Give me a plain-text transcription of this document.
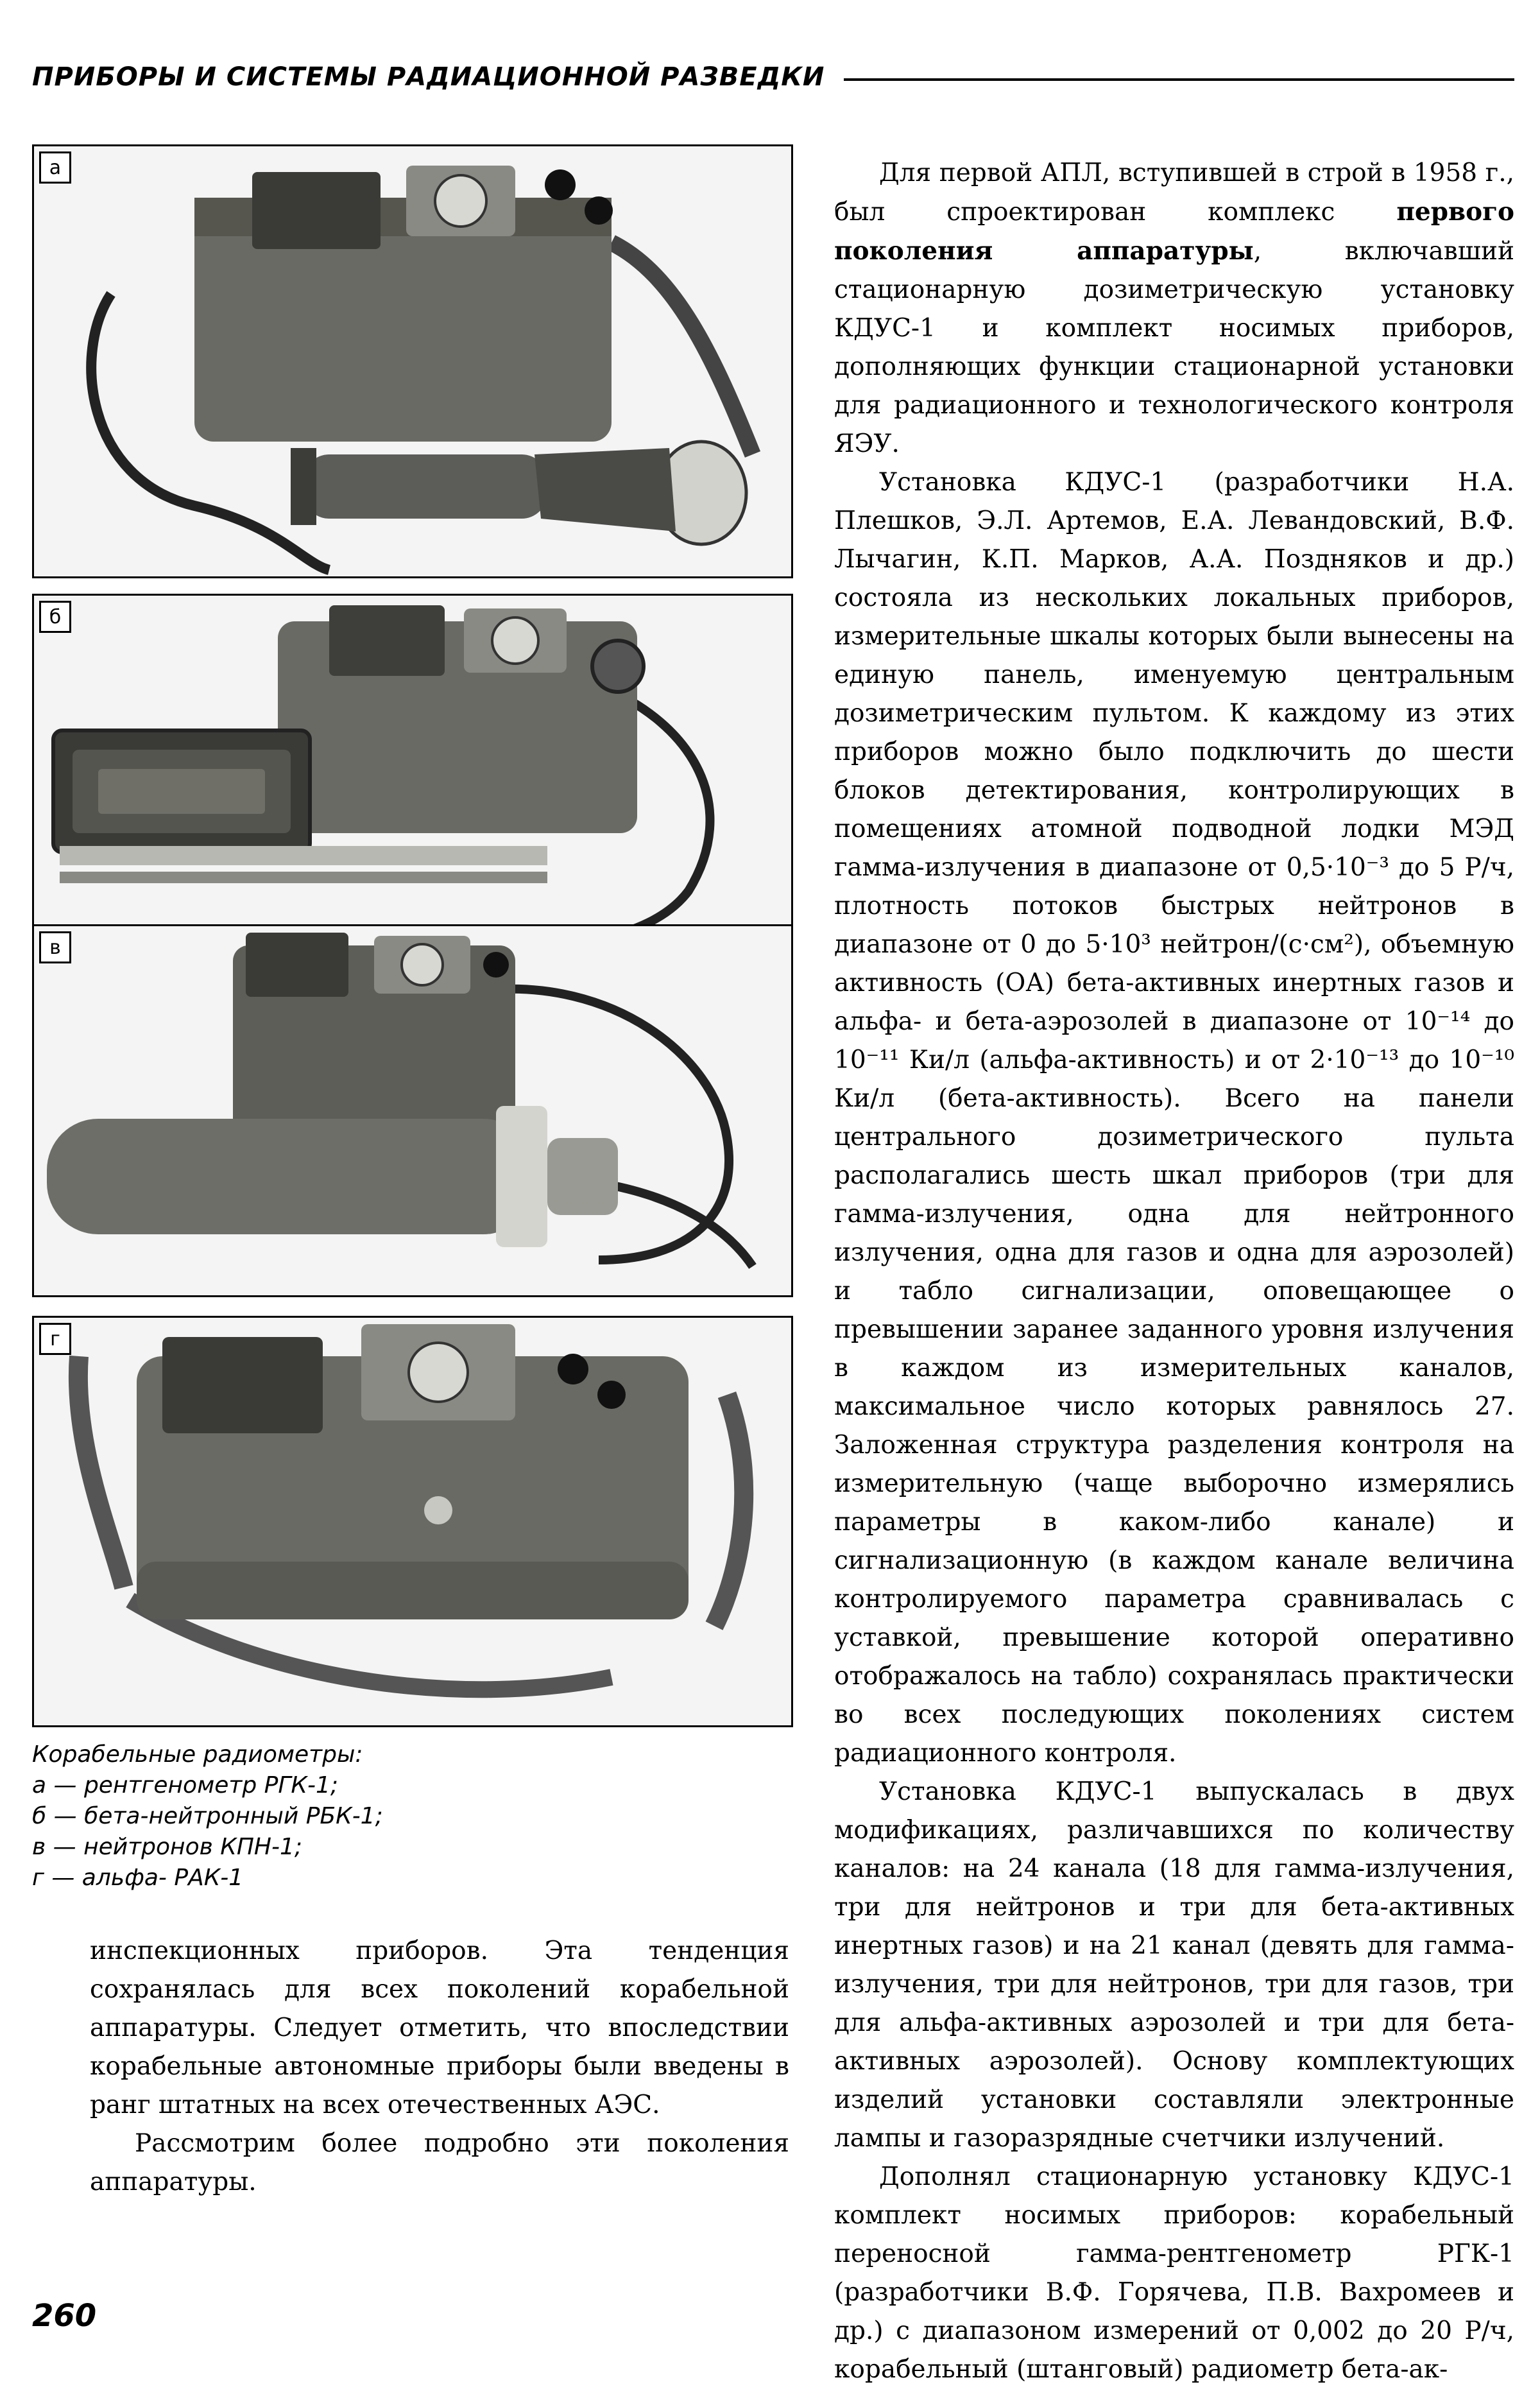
ПРИБОРЫ И СИСТЕМЫ РАДИАЦИОННОЙ РАЗВЕДКИ
а
б
в
г
Корабельные радиометры:
а — рентгенометр РГК-1;
б — бета-нейтронный РБК-1;
в — нейтронов КПН-1;
г — альфа- РАК-1

инспекционных приборов. Эта тенденция сохранялась для всех поколений корабельной аппаратуры. Следует отметить, что впоследствии корабельные автономные приборы были введены в ранг штатных на всех отечественных АЭС.

Рассмотрим более подробно эти поколения аппаратуры.

Для первой АПЛ, вступившей в строй в 1958 г., был спроектирован комплекс первого поколения аппаратуры, включавший стационарную дозиметрическую установку КДУС-1 и комплект носимых приборов, дополняющих функции стационарной установки для радиационного и технологического контроля ЯЭУ.

Установка КДУС-1 (разработчики Н.А. Плешков, Э.Л. Артемов, Е.А. Левандовский, В.Ф. Лычагин, К.П. Марков, А.А. Поздняков и др.) состояла из нескольких локальных приборов, измерительные шкалы которых были вынесены на единую панель, именуемую центральным дозиметрическим пультом. К каждому из этих приборов можно было подключить до шести блоков детектирования, контролирующих в помещениях атомной подводной лодки МЭД гамма-излучения в диапазоне от 0,5·10⁻³ до 5 Р/ч, плотность потоков быстрых нейтронов в диапазоне от 0 до 5·10³ нейтрон/(с·см²), объемную активность (ОА) бета-активных инертных газов и альфа- и бета-аэрозолей в диапазоне от 10⁻¹⁴ до 10⁻¹¹ Ки/л (альфа-активность) и от 2·10⁻¹³ до 10⁻¹⁰ Ки/л (бета-активность). Всего на панели центрального дозиметрического пульта располагались шесть шкал приборов (три для гамма-излучения, одна для нейтронного излучения, одна для газов и одна для аэрозолей) и табло сигнализации, оповещающее о превышении заранее заданного уровня излучения в каждом из измерительных каналов, максимальное число которых равнялось 27. Заложенная структура разделения контроля на измерительную (чаще выборочно измерялись параметры в каком-либо канале) и сигнализационную (в каждом канале величина контролируемого параметра сравнивалась с уставкой, превышение которой оперативно отображалось на табло) сохранялась практически во всех последующих поколениях систем радиационного контроля.

Установка КДУС-1 выпускалась в двух модификациях, различавшихся по количеству каналов: на 24 канала (18 для гамма-излучения, три для нейтронов и три для бета-активных инертных газов) и на 21 канал (девять для гамма-излучения, три для нейтронов, три для газов, три для альфа-активных аэрозолей и три для бета-активных аэрозолей). Основу комплектующих изделий установки составляли электронные лампы и газоразрядные счетчики излучений.

Дополнял стационарную установку КДУС-1 комплект носимых приборов: корабельный переносной гамма-рентгенометр РГК-1 (разработчики В.Ф. Горячева, П.В. Вахромеев и др.) с диапазоном измерений от 0,002 до 20 Р/ч, корабельный (штанговый) радиометр бета-ак-

260
